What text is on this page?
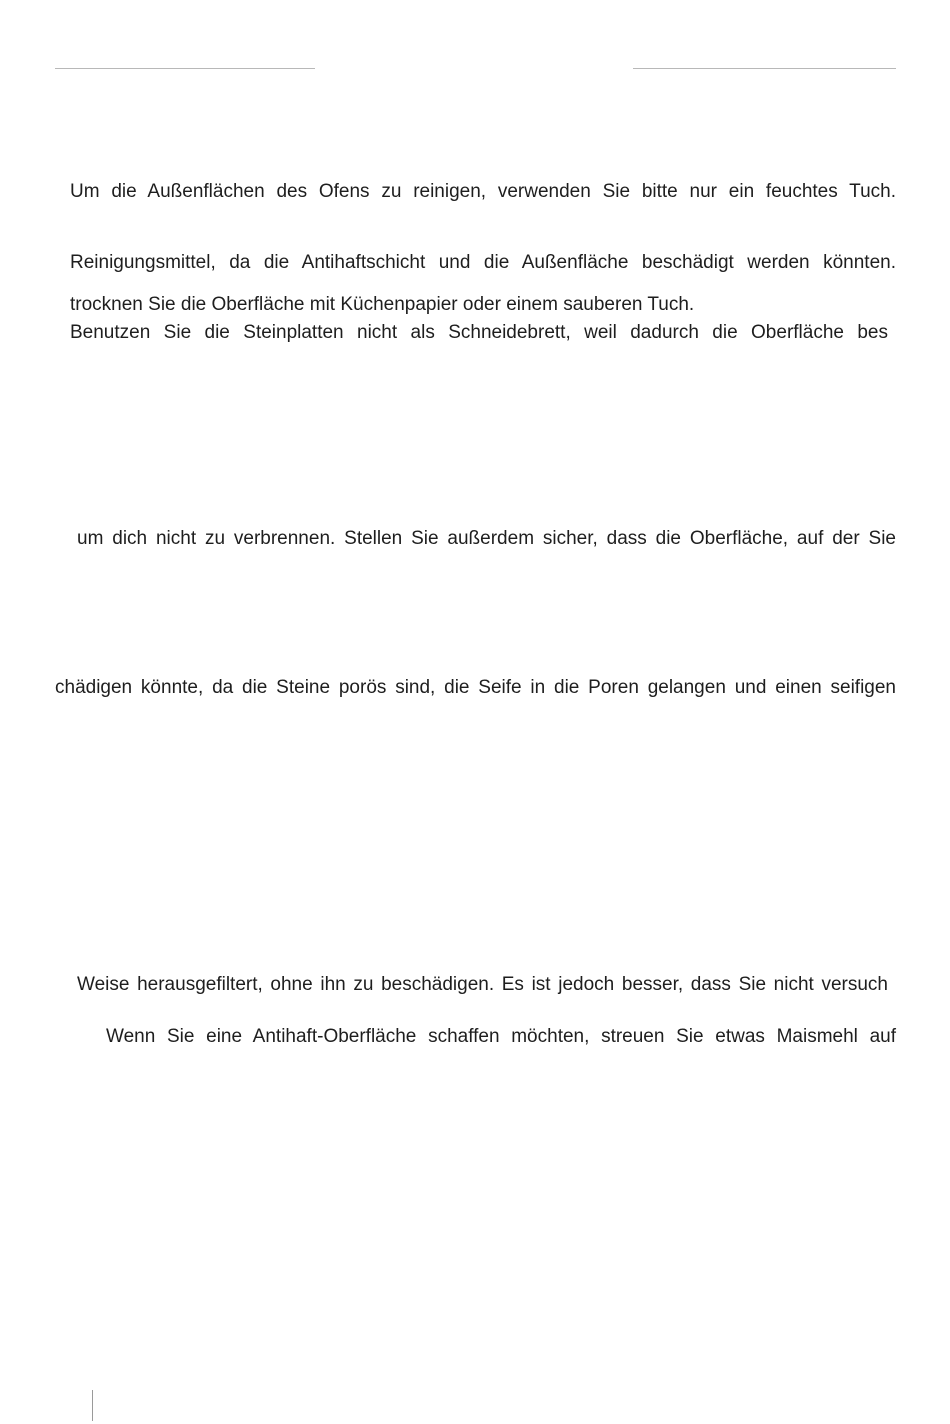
Um die Außenflächen des Ofens zu reinigen, verwenden Sie bitte nur ein feuchtes Tuch.
Reinigungsmittel, da die Antihaftschicht und die Außenfläche beschädigt werden könnten.
trocknen Sie die Oberfläche mit Küchenpapier oder einem sauberen Tuch.
Benutzen Sie die Steinplatten nicht als Schneidebrett, weil dadurch die Oberfläche bes
um dich nicht zu verbrennen. Stellen Sie außerdem sicher, dass die Oberfläche, auf der Sie
chädigen könnte, da die Steine porös sind, die Seife in die Poren gelangen und einen seifigen
Weise herausgefiltert, ohne ihn zu beschädigen. Es ist jedoch besser, dass Sie nicht versuch
Wenn Sie eine Antihaft-Oberfläche schaffen möchten, streuen Sie etwas Maismehl auf
